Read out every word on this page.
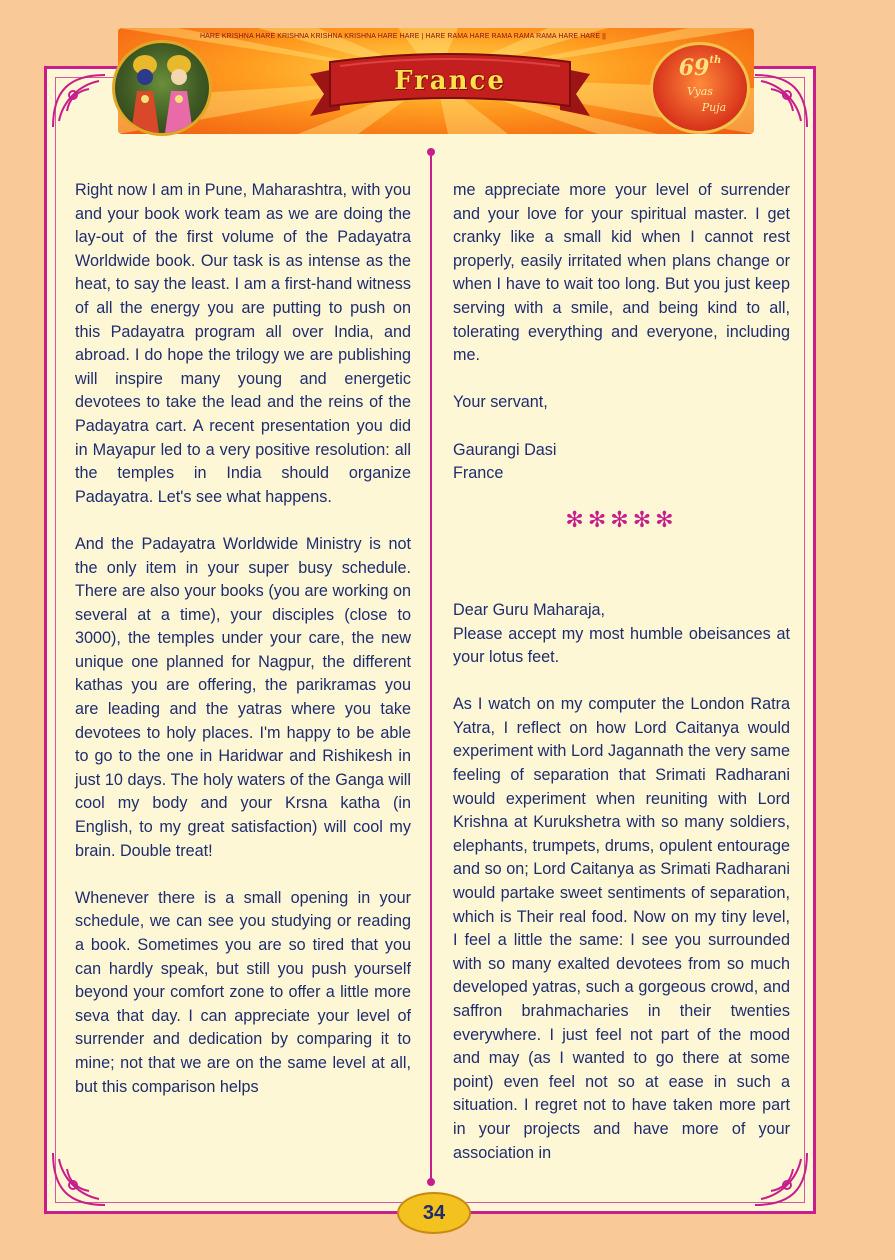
HARE KRISHNA HARE KRISHNA KRISHNA KRISHNA HARE HARE | HARE RAMA HARE RAMA RAMA RAMA HARE HARE ||
France	69th
Vyas
Puja

Right now I am in Pune, Maharashtra, with you and your book work team as we are doing the lay-out of the first volume of the Padayatra Worldwide book. Our task is as intense as the heat, to say the least. I am a first-hand witness of all the energy you are putting to push on this Padayatra program all over India, and abroad. I do hope the trilogy we are publishing will inspire many young and energetic devotees to take the lead and the reins of the Padayatra cart. A recent presentation you did in Mayapur led to a very positive resolution: all the temples in India should organize Padayatra. Let's see what happens.

And the Padayatra Worldwide Ministry is not the only item in your super busy schedule. There are also your books (you are working on several at a time), your disciples (close to 3000), the temples under your care, the new unique one planned for Nagpur, the different kathas you are offering, the parikramas you are leading and the yatras where you take devotees to holy places. I'm happy to be able to go to the one in Haridwar and Rishikesh in just 10 days. The holy waters of the Ganga will cool my body and your Krsna katha (in English, to my great satisfaction) will cool my brain. Double treat!

Whenever there is a small opening in your schedule, we can see you studying or reading a book. Sometimes you are so tired that you can hardly speak, but still you push yourself beyond your comfort zone to offer a little more seva that day. I can appreciate your level of surrender and dedication by comparing it to mine; not that we are on the same level at all, but this comparison helps

me appreciate more your level of surrender and your love for your spiritual master. I get cranky like a small kid when I cannot rest properly, easily irritated when plans change or when I have to wait too long. But you just keep serving with a smile, and being kind to all, tolerating everything and everyone, including me.

Your servant,

Gaurangi Dasi

France

✻✻✻✻✻

Dear Guru Maharaja,

Please accept my most humble obeisances at your lotus feet.

As I watch on my computer the London Ratra Yatra, I reflect on how Lord Caitanya would experiment with Lord Jagannath the very same feeling of separation that Srimati Radharani would experiment when reuniting with Lord Krishna at Kurukshetra with so many soldiers, elephants, trumpets, drums, opulent entourage and so on; Lord Caitanya as Srimati Radharani would partake sweet sentiments of separation, which is Their real food. Now on my tiny level, I feel a little the same: I see you surrounded with so many exalted devotees from so much developed yatras, such a gorgeous crowd, and saffron brahmacharies in their twenties everywhere. I just feel not part of the mood and may (as I wanted to go there at some point) even feel not so at ease in such a situation. I regret not to have taken more part in your projects and have more of your association in

34
